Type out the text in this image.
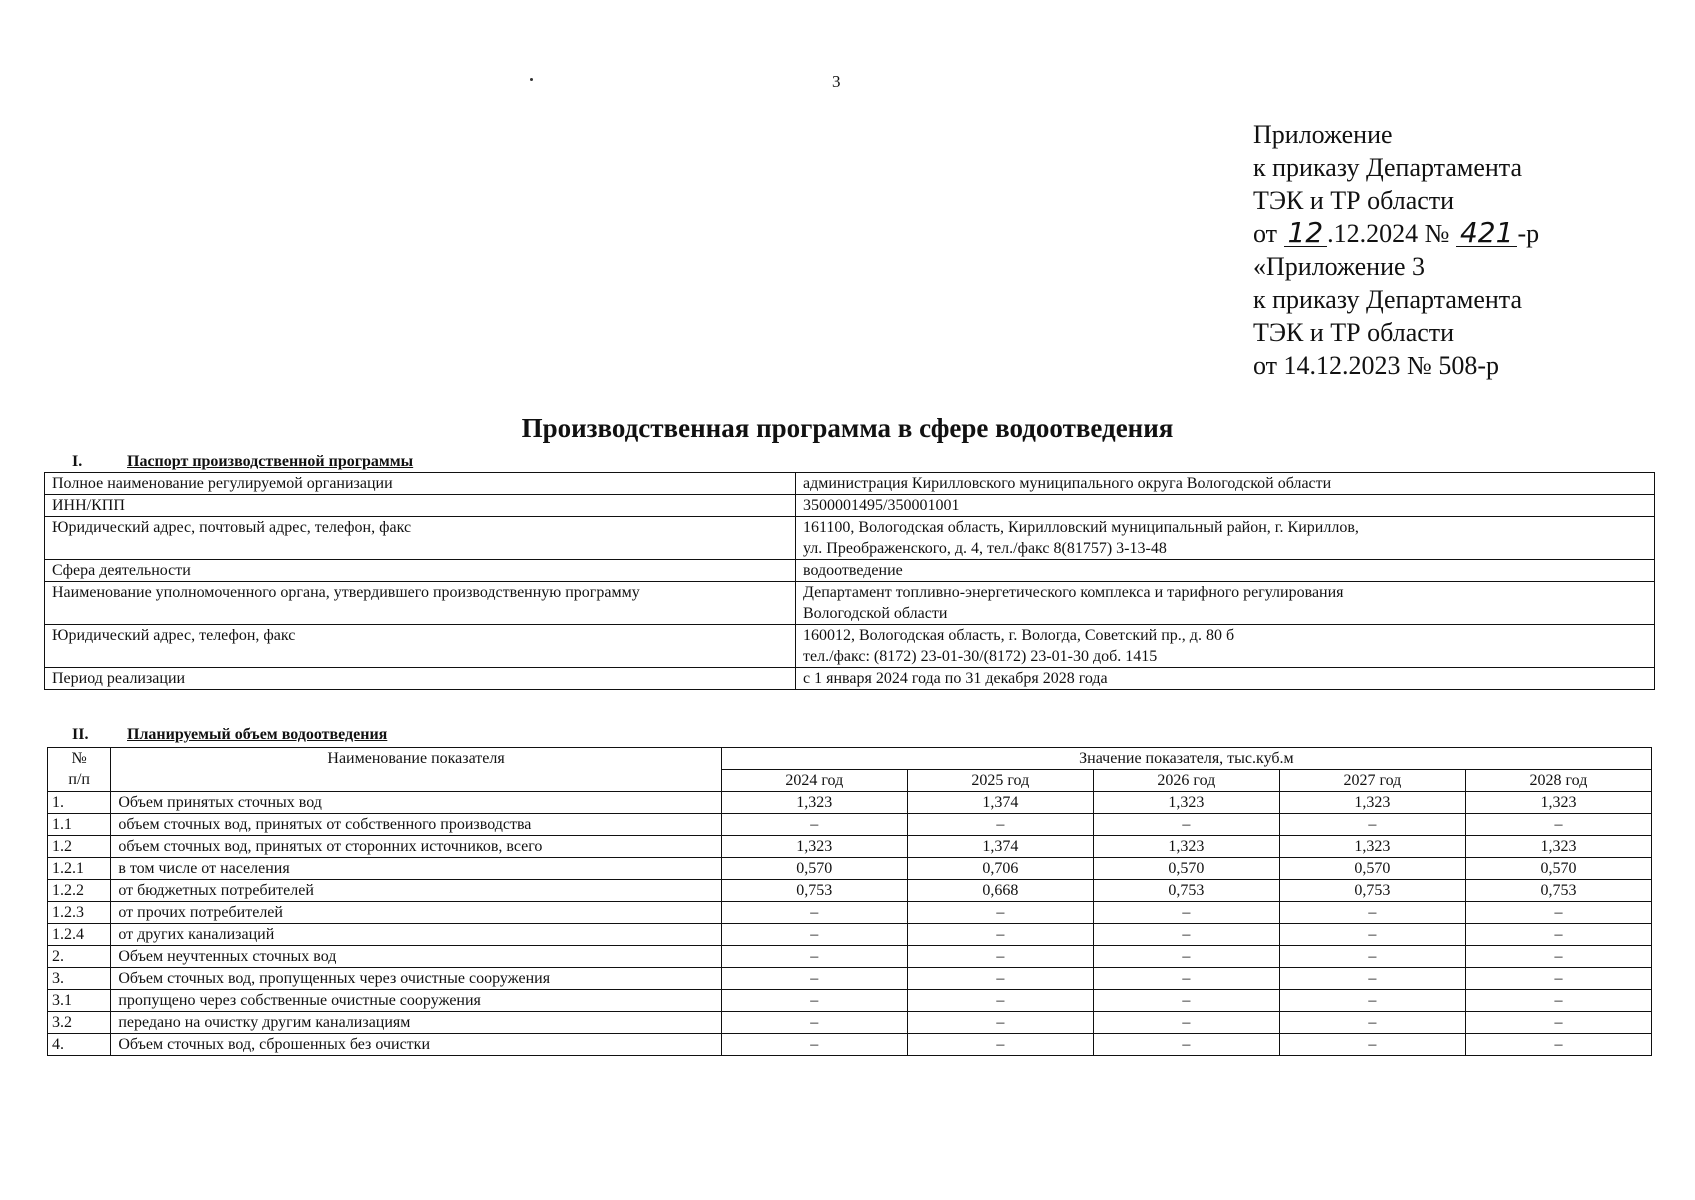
3
Приложение
к приказу Департамента
ТЭК и ТР области
от 12 .12.2024 № 421 -р
«Приложение 3
к приказу Департамента
ТЭК и ТР области
от 14.12.2023 № 508-р
Производственная программа в сфере водоотведения
I.	Паспорт производственной программы
Полное наименование регулируемой организации	администрация Кирилловского муниципального округа Вологодской области

ИНН/КПП	3500001495/350001001

Юридический адрес, почтовый адрес, телефон, факс	161100, Вологодская область, Кирилловский муниципальный район, г. Кириллов,
ул. Преображенского, д. 4, тел./факс 8(81757) 3-13-48

Сфера деятельности	водоотведение

Наименование уполномоченного органа, утвердившего производственную программу	Департамент топливно-энергетического комплекса и тарифного регулирования
Вологодской области

Юридический адрес, телефон, факс	160012, Вологодская область, г. Вологда, Советский пр., д. 80 б
тел./факс: (8172) 23-01-30/(8172) 23-01-30 доб. 1415

Период реализации	с 1 января 2024 года по 31 декабря 2028 года
II. Планируемый объем водоотведения
№
п/п	Наименование показателя	Значение показателя, тыс.куб.м				
		2024 год	2025 год	2026 год	2027 год	2028 год
1.	Объем принятых сточных вод	1,323	1,374	1,323	1,323	1,323
1.1	объем сточных вод, принятых от собственного производства	–	–	–	–	–
1.2	объем сточных вод, принятых от сторонних источников, всего	1,323	1,374	1,323	1,323	1,323
1.2.1	в том числе от населения	0,570	0,706	0,570	0,570	0,570
1.2.2	от бюджетных потребителей	0,753	0,668	0,753	0,753	0,753
1.2.3	от прочих потребителей	–	–	–	–	–
1.2.4	от других канализаций	–	–	–	–	–
2.	Объем неучтенных сточных вод	–	–	–	–	–
3.	Объем сточных вод, пропущенных через очистные сооружения	–	–	–	–	–
3.1	пропущено через собственные очистные сооружения	–	–	–	–	–
3.2	передано на очистку другим канализациям	–	–	–	–	–
4.	Объем сточных вод, сброшенных без очистки	–	–	–	–	–
